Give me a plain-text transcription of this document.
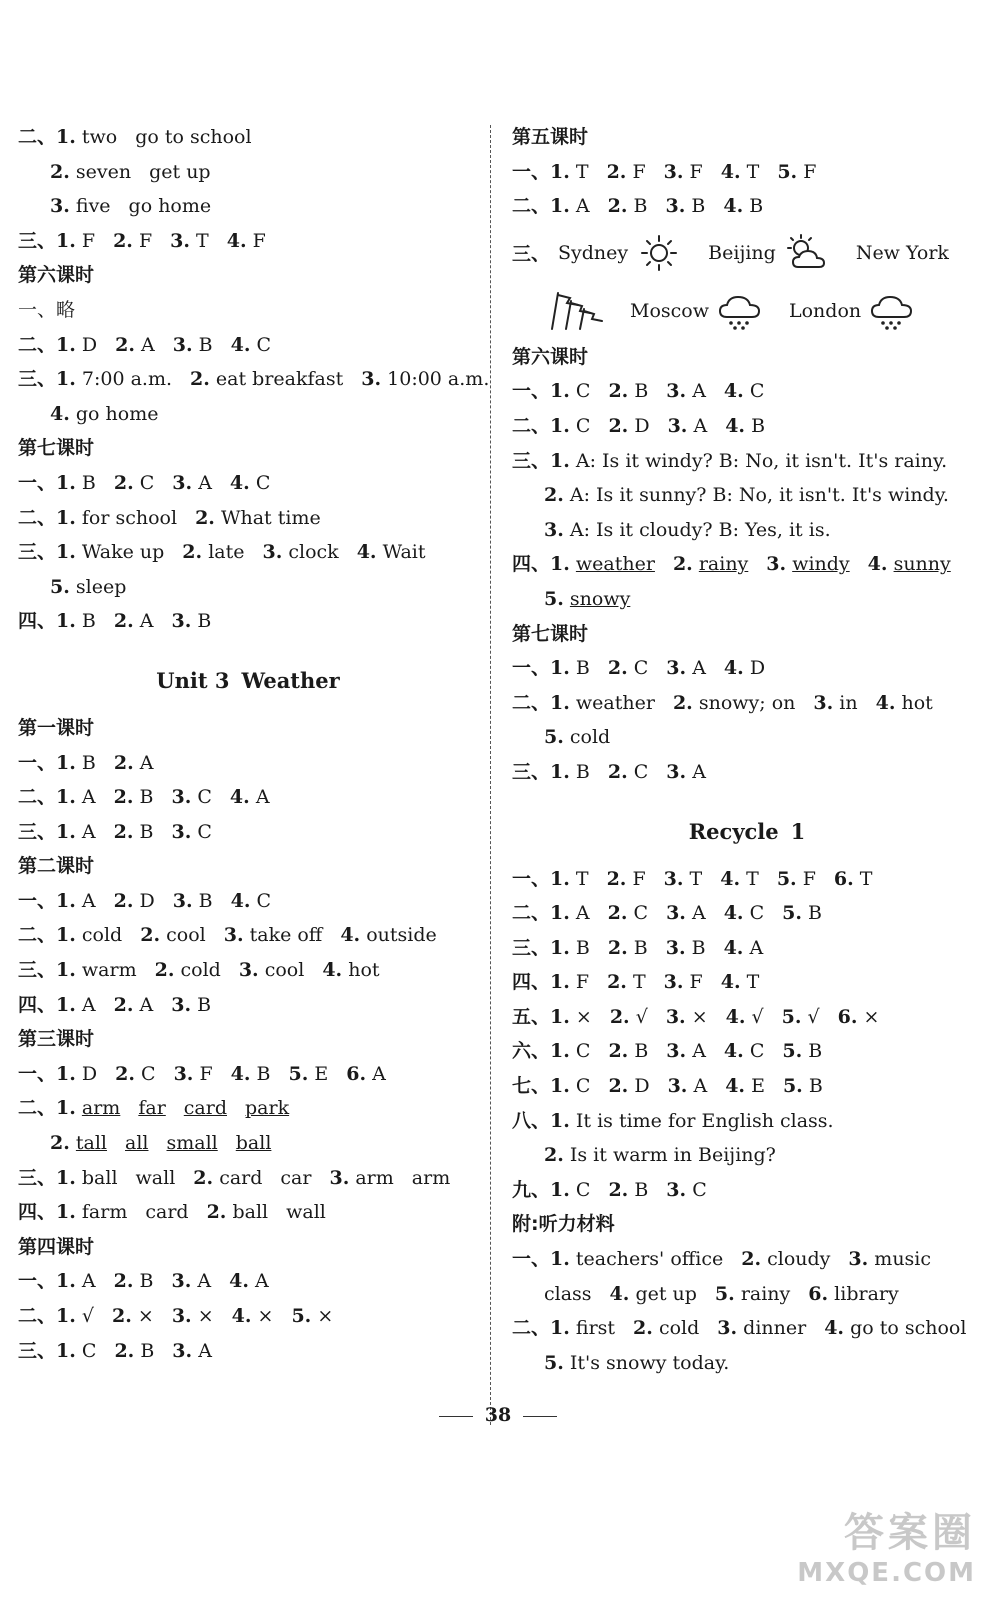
二、1. two go to school
2. seven get up
3. five go home
三、1. F 2. F 3. T 4. F
第六课时
一、略
二、1. D 2. A 3. B 4. C
三、1. 7:00 a.m. 2. eat breakfast 3. 10:00 a.m.
4. go home
第七课时
一、1. B 2. C 3. A 4. C
二、1. for school 2. What time
三、1. Wake up 2. late 3. clock 4. Wait
5. sleep
四、1. B 2. A 3. B
Unit 3 Weather
第一课时
一、1. B 2. A
二、1. A 2. B 3. C 4. A
三、1. A 2. B 3. C
第二课时
一、1. A 2. D 3. B 4. C
二、1. cold 2. cool 3. take off 4. outside
三、1. warm 2. cold 3. cool 4. hot
四、1. A 2. A 3. B
第三课时
一、1. D 2. C 3. F 4. B 5. E 6. A
二、1. arm far card park
2. tall all small ball
三、1. ball wall 2. card car 3. arm arm
四、1. farm card 2. ball wall
第四课时
一、1. A 2. B 3. A 4. A
二、1. √ 2. × 3. × 4. × 5. ×
三、1. C 2. B 3. A
第五课时
一、1. T 2. F 3. F 4. T 5. F
二、1. A 2. B 3. B 4. B
三、 Sydney	Beijing	New York
Moscow	London
第六课时
一、1. C 2. B 3. A 4. C
二、1. C 2. D 3. A 4. B
三、1. A: Is it windy? B: No, it isn't. It's rainy.
2. A: Is it sunny? B: No, it isn't. It's windy.
3. A: Is it cloudy? B: Yes, it is.
四、1. weather 2. rainy 3. windy 4. sunny
5. snowy
第七课时
一、1. B 2. C 3. A 4. D
二、1. weather 2. snowy; on 3. in 4. hot
5. cold
三、1. B 2. C 3. A
Recycle 1
一、1. T 2. F 3. T 4. T 5. F 6. T
二、1. A 2. C 3. A 4. C 5. B
三、1. B 2. B 3. B 4. A
四、1. F 2. T 3. F 4. T
五、1. × 2. √ 3. × 4. √ 5. √ 6. ×
六、1. C 2. B 3. A 4. C 5. B
七、1. C 2. D 3. A 4. E 5. B
八、1. It is time for English class.
2. Is it warm in Beijing?
九、1. C 2. B 3. C
附:听力材料
一、1. teachers' office 2. cloudy 3. music
class 4. get up 5. rainy 6. library
二、1. first 2. cold 3. dinner 4. go to school
5. It's snowy today.
38
答案圈
MXQE.COM
